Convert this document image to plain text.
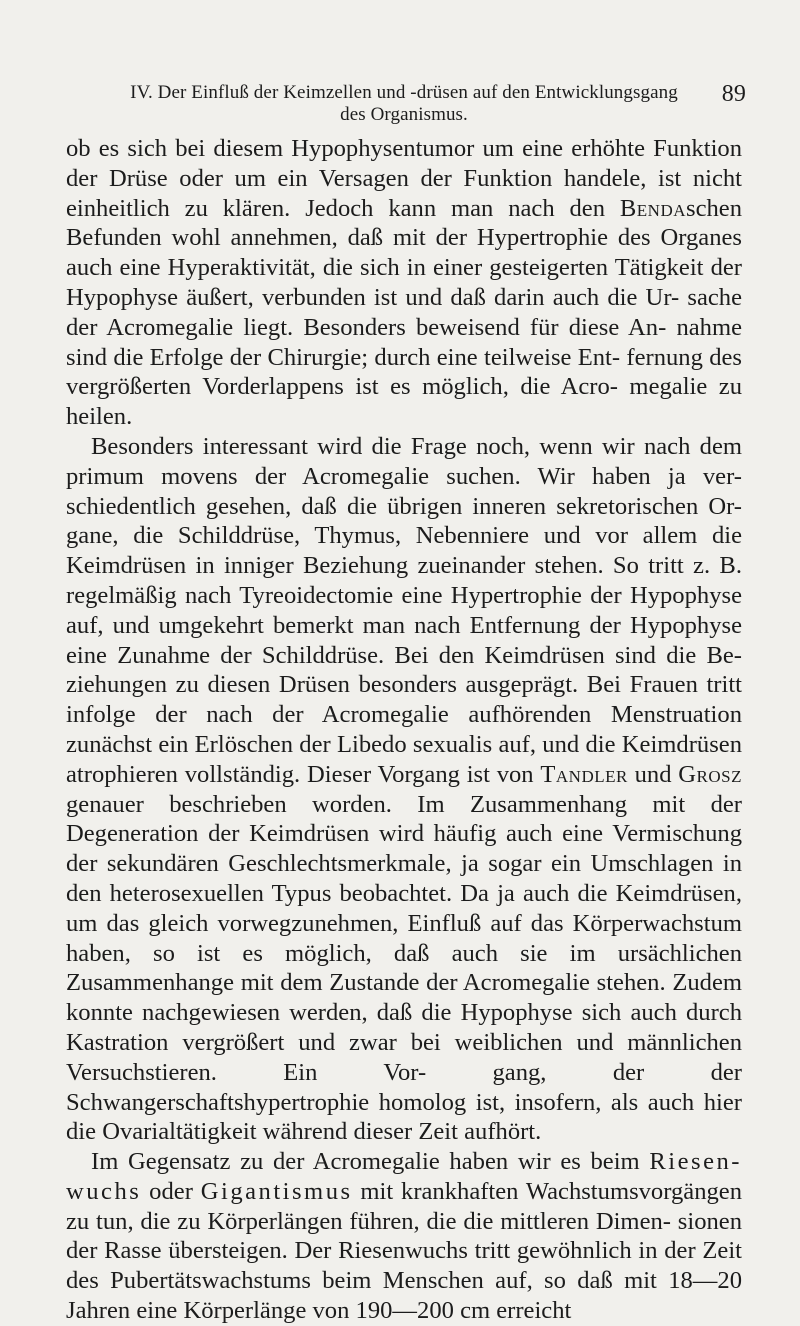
IV. Der Einfluß der Keimzellen und -drüsen auf den Entwicklungsgang
des Organismus.
89

ob es sich bei diesem Hypophysentumor um eine erhöhte Funktion der Drüse oder um ein Versagen der Funktion handele, ist nicht einheitlich zu klären. Jedoch kann man nach den Bendaschen Befunden wohl annehmen, daß mit der Hypertrophie des Organes auch eine Hyperaktivität, die sich in einer gesteigerten Tätigkeit der Hypophyse äußert, verbunden ist und daß darin auch die Ur- sache der Acromegalie liegt. Besonders beweisend für diese An- nahme sind die Erfolge der Chirurgie; durch eine teilweise Ent- fernung des vergrößerten Vorderlappens ist es möglich, die Acro- megalie zu heilen.

Besonders interessant wird die Frage noch, wenn wir nach dem primum movens der Acromegalie suchen. Wir haben ja ver- schiedentlich gesehen, daß die übrigen inneren sekretorischen Or- gane, die Schilddrüse, Thymus, Nebenniere und vor allem die Keimdrüsen in inniger Beziehung zueinander stehen. So tritt z. B. regelmäßig nach Tyreoidectomie eine Hypertrophie der Hypophyse auf, und umgekehrt bemerkt man nach Entfernung der Hypophyse eine Zunahme der Schilddrüse. Bei den Keimdrüsen sind die Be- ziehungen zu diesen Drüsen besonders ausgeprägt. Bei Frauen tritt infolge der nach der Acromegalie aufhörenden Menstruation zunächst ein Erlöschen der Libedo sexualis auf, und die Keimdrüsen atrophieren vollständig. Dieser Vorgang ist von Tandler und Grosz genauer beschrieben worden. Im Zusammenhang mit der Degeneration der Keimdrüsen wird häufig auch eine Vermischung der sekundären Geschlechtsmerkmale, ja sogar ein Umschlagen in den heterosexuellen Typus beobachtet. Da ja auch die Keimdrüsen, um das gleich vorwegzunehmen, Einfluß auf das Körperwachstum haben, so ist es möglich, daß auch sie im ursächlichen Zusammenhange mit dem Zustande der Acromegalie stehen. Zudem konnte nachgewiesen werden, daß die Hypophyse sich auch durch Kastration vergrößert und zwar bei weiblichen und männlichen Versuchstieren. Ein Vor- gang, der der Schwangerschaftshypertrophie homolog ist, insofern, als auch hier die Ovarialtätigkeit während dieser Zeit aufhört.

Im Gegensatz zu der Acromegalie haben wir es beim Riesen- wuchs oder Gigantismus mit krankhaften Wachstumsvorgängen zu tun, die zu Körperlängen führen, die die mittleren Dimen- sionen der Rasse übersteigen. Der Riesenwuchs tritt gewöhnlich in der Zeit des Pubertätswachstums beim Menschen auf, so daß mit 18—20 Jahren eine Körperlänge von 190—200 cm erreicht
